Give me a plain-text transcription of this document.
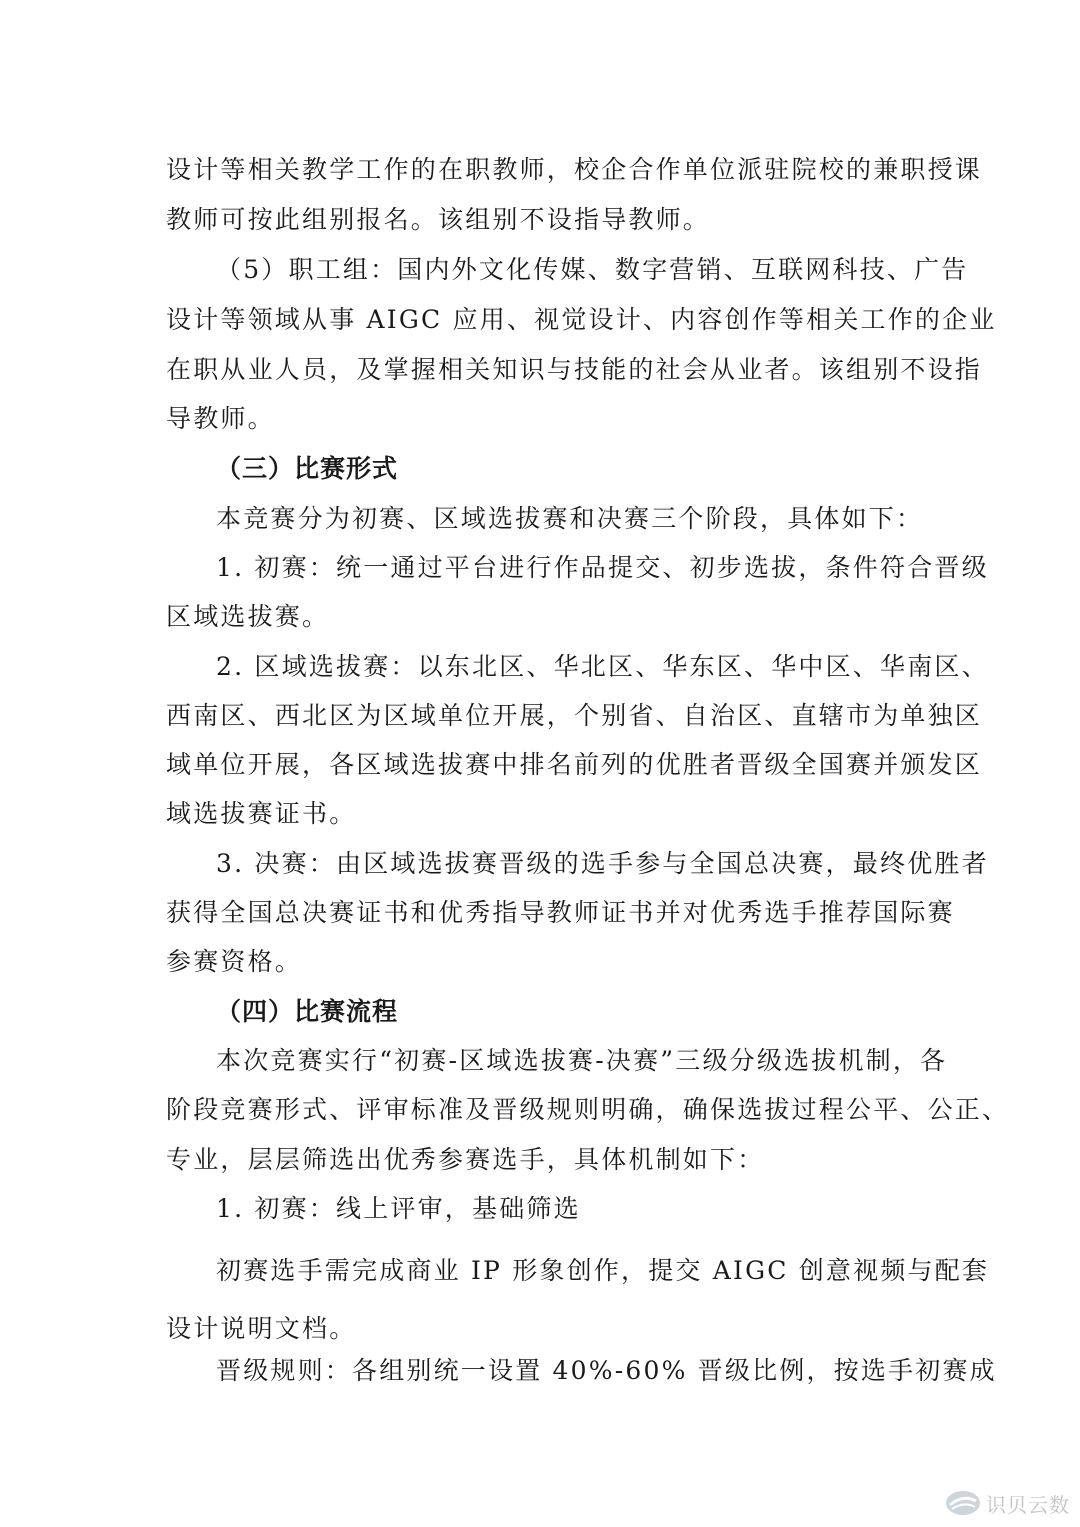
设计等相关教学工作的在职教师，校企合作单位派驻院校的兼职授课
教师可按此组别报名。该组别不设指导教师。
（5）职工组：国内外文化传媒、数字营销、互联网科技、广告
设计等领域从事 AIGC 应用、视觉设计、内容创作等相关工作的企业
在职从业人员，及掌握相关知识与技能的社会从业者。该组别不设指
导教师。
（三）比赛形式
本竞赛分为初赛、区域选拔赛和决赛三个阶段，具体如下：
1. 初赛：统一通过平台进行作品提交、初步选拔，条件符合晋级
区域选拔赛。
2. 区域选拔赛：以东北区、华北区、华东区、华中区、华南区、
西南区、西北区为区域单位开展，个别省、自治区、直辖市为单独区
域单位开展，各区域选拔赛中排名前列的优胜者晋级全国赛并颁发区
域选拔赛证书。
3. 决赛：由区域选拔赛晋级的选手参与全国总决赛，最终优胜者
获得全国总决赛证书和优秀指导教师证书并对优秀选手推荐国际赛
参赛资格。
（四）比赛流程
本次竞赛实行“初赛-区域选拔赛-决赛”三级分级选拔机制，各
阶段竞赛形式、评审标准及晋级规则明确，确保选拔过程公平、公正、
专业，层层筛选出优秀参赛选手，具体机制如下：
1. 初赛：线上评审，基础筛选
初赛选手需完成商业 IP 形象创作，提交 AIGC 创意视频与配套
设计说明文档。
晋级规则：各组别统一设置 40%-60% 晋级比例，按选手初赛成
识贝云数
